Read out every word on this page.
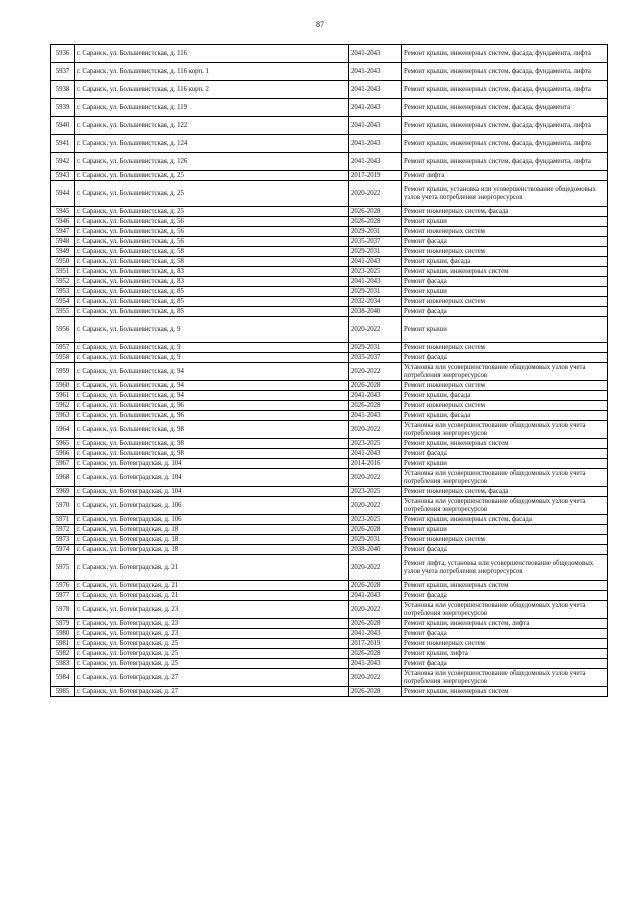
87
5936	г. Саранск, ул. Большевистская, д. 116	2041-2043	Ремонт крыши, инженерных систем, фасада, фундамента, лифта
5937	г. Саранск, ул. Большевистская, д. 116 корп. 1	2041-2043	Ремонт крыши, инженерных систем, фасада, фундамента, лифта
5938	г. Саранск, ул. Большевистская, д. 116 корп. 2	2041-2043	Ремонт крыши, инженерных систем, фасада, фундамента, лифта
5939	г. Саранск, ул. Большевистская, д. 119	2041-2043	Ремонт крыши, инженерных систем, фасада, фундамента
5940	г. Саранск, ул. Большевистская, д. 122	2041-2043	Ремонт крыши, инженерных систем, фасада, фундамента, лифта
5941	г. Саранск, ул. Большевистская, д. 124	2041-2043	Ремонт крыши, инженерных систем, фасада, фундамента, лифта
5942	г. Саранск, ул. Большевистская, д. 126	2041-2043	Ремонт крыши, инженерных систем, фасада, фундамента, лифта
5943	г. Саранск, ул. Большевистская, д. 25	2017-2019	Ремонт лифта
5944	г. Саранск, ул. Большевистская, д. 25	2020-2022	Ремонт крыши, установка или усовершенствование общедомовых узлов учета потребления энергоресурсов
5945	г. Саранск, ул. Большевистская, д. 25	2026-2028	Ремонт инженерных систем, фасада
5946	г. Саранск, ул. Большевистская, д. 56	2026-2028	Ремонт крыши
5947	г. Саранск, ул. Большевистская, д. 56	2029-2031	Ремонт инженерных систем
5948	г. Саранск, ул. Большевистская, д. 56	2035-2037	Ремонт фасада
5949	г. Саранск, ул. Большевистская, д. 58	2029-2031	Ремонт инженерных систем
5950	г. Саранск, ул. Большевистская, д. 58	2041-2043	Ремонт крыши, фасада
5951	г. Саранск, ул. Большевистская, д. 83	2023-2025	Ремонт крыши, инженерных систем
5952	г. Саранск, ул. Большевистская, д. 83	2041-2043	Ремонт фасада
5953	г. Саранск, ул. Большевистская, д. 85	2029-2031	Ремонт крыши
5954	г. Саранск, ул. Большевистская, д. 85	2032-2034	Ремонт инженерных систем
5955	г. Саранск, ул. Большевистская, д. 85	2038-2040	Ремонт фасада
5956	г. Саранск, ул. Большевистская, д. 9	2020-2022	Ремонт крыши
5957	г. Саранск, ул. Большевистская, д. 9	2029-2031	Ремонт инженерных систем
5958	г. Саранск, ул. Большевистская, д. 9	2035-2037	Ремонт фасада
5959	г. Саранск, ул. Большевистская, д. 94	2020-2022	Установка или усовершенствование общедомовых узлов учета потребления энергоресурсов
5960	г. Саранск, ул. Большевистская, д. 94	2026-2028	Ремонт инженерных систем
5961	г. Саранск, ул. Большевистская, д. 94	2041-2043	Ремонт крыши, фасада
5962	г. Саранск, ул. Большевистская, д. 96	2026-2028	Ремонт инженерных систем
5963	г. Саранск, ул. Большевистская, д. 96	2041-2043	Ремонт крыши, фасада
5964	г. Саранск, ул. Большевистская, д. 98	2020-2022	Установка или усовершенствование общедомовых узлов учета потребления энергоресурсов
5965	г. Саранск, ул. Большевистская, д. 98	2023-2025	Ремонт крыши, инженерных систем
5966	г. Саранск, ул. Большевистская, д. 98	2041-2043	Ремонт фасада
5967	г. Саранск, ул. Ботевградская, д. 104	2014-2016	Ремонт крыши
5968	г. Саранск, ул. Ботевградская, д. 104	2020-2022	Установка или усовершенствование общедомовых узлов учета потребления энергоресурсов
5969	г. Саранск, ул. Ботевградская, д. 104	2023-2025	Ремонт инженерных систем, фасада
5970	г. Саранск, ул. Ботевградская, д. 106	2020-2022	Установка или усовершенствование общедомовых узлов учета потребления энергоресурсов
5971	г. Саранск, ул. Ботевградская, д. 106	2023-2025	Ремонт крыши, инженерных систем, фасада
5972	г. Саранск, ул. Ботевградская, д. 18	2026-2028	Ремонт крыши
5973	г. Саранск, ул. Ботевградская, д. 18	2029-2031	Ремонт инженерных систем
5974	г. Саранск, ул. Ботевградская, д. 18	2038-2040	Ремонт фасада
5975	г. Саранск, ул. Ботевградская, д. 21	2020-2022	Ремонт лифта, установка или усовершенствование общедомовых узлов учета потребления энергоресурсов
5976	г. Саранск, ул. Ботевградская, д. 21	2026-2028	Ремонт крыши, инженерных систем
5977	г. Саранск, ул. Ботевградская, д. 21	2041-2043	Ремонт фасада
5978	г. Саранск, ул. Ботевградская, д. 23	2020-2022	Установка или усовершенствование общедомовых узлов учета потребления энергоресурсов
5979	г. Саранск, ул. Ботевградская, д. 23	2026-2028	Ремонт крыши, инженерных систем, лифта
5980	г. Саранск, ул. Ботевградская, д. 23	2041-2043	Ремонт фасада
5981	г. Саранск, ул. Ботевградская, д. 25	2017-2019	Ремонт инженерных систем
5982	г. Саранск, ул. Ботевградская, д. 25	2026-2028	Ремонт крыши, лифта
5983	г. Саранск, ул. Ботевградская, д. 25	2041-2043	Ремонт фасада
5984	г. Саранск, ул. Ботевградская, д. 27	2020-2022	Установка или усовершенствование общедомовых узлов учета потребления энергоресурсов
5985	г. Саранск, ул. Ботевградская, д. 27	2026-2028	Ремонт крыши, инженерных систем
